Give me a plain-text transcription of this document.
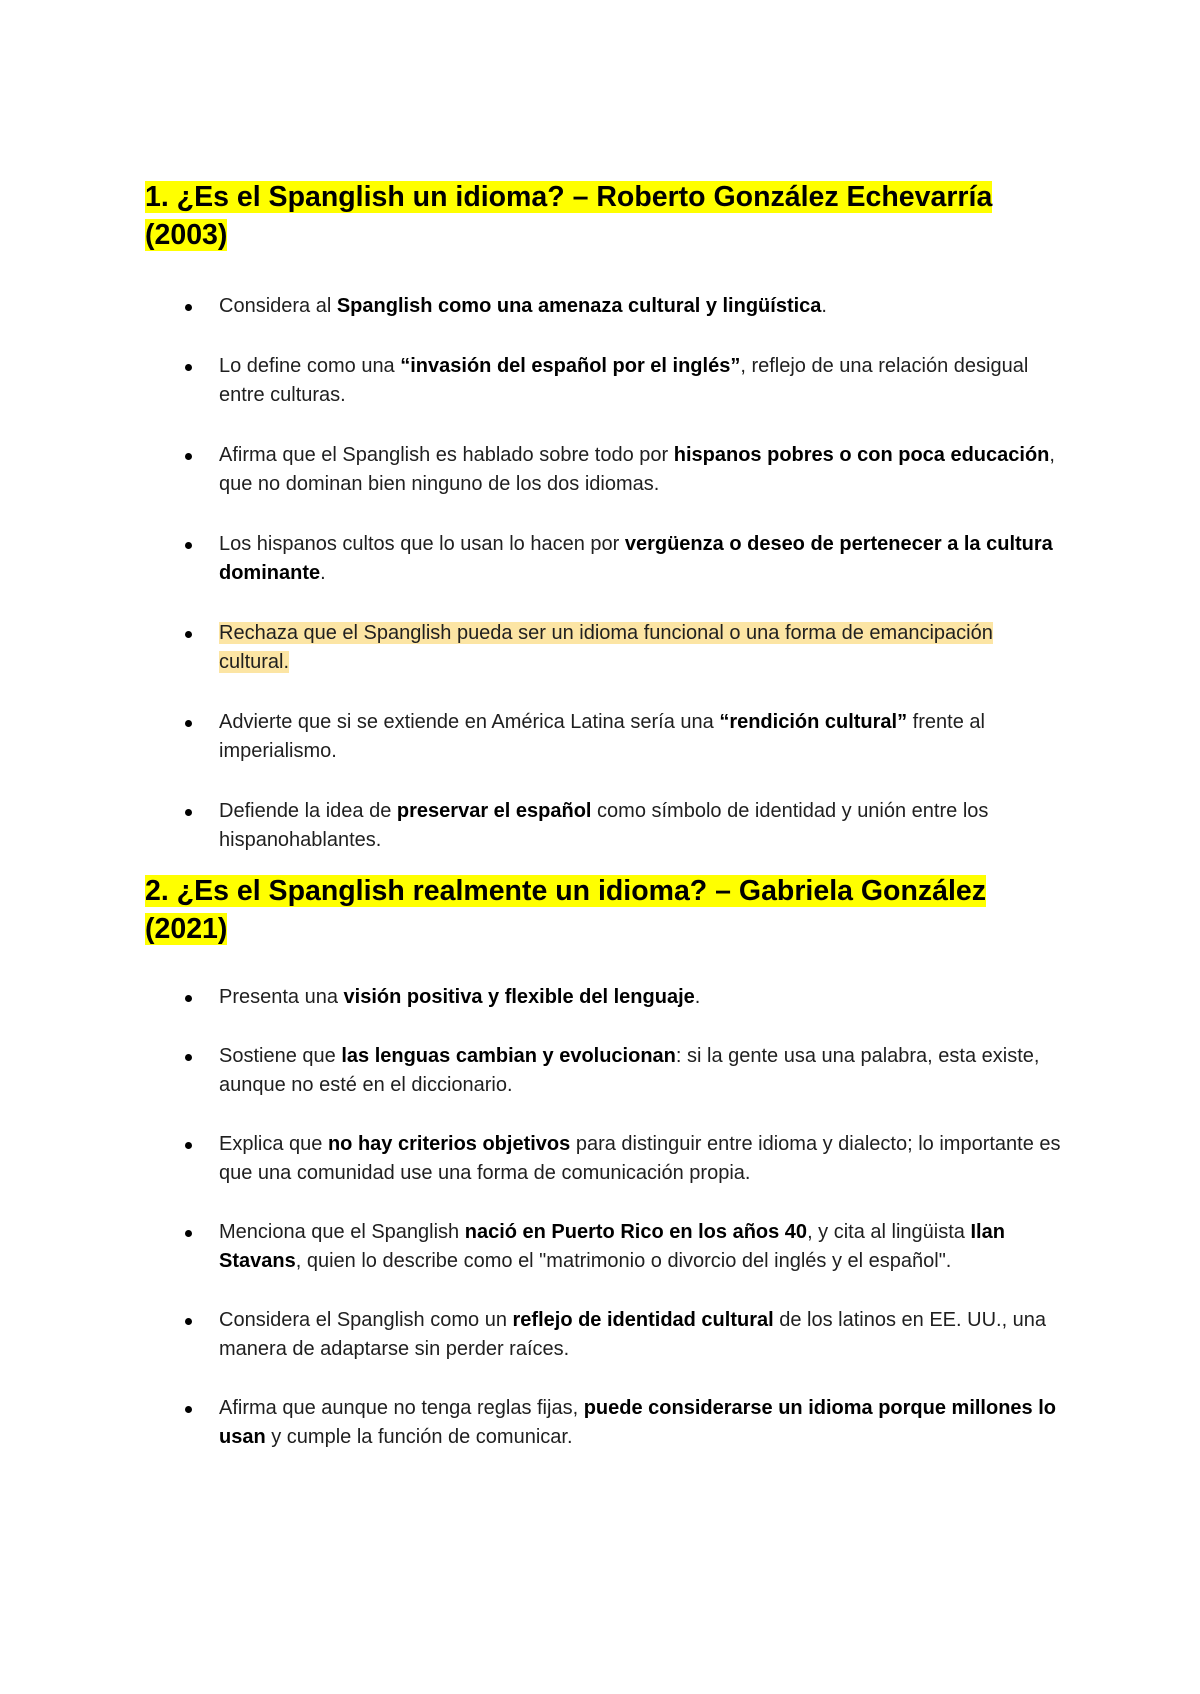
1. ¿Es el Spanglish un idioma? – Roberto González Echevarría
(2003)
Considera al Spanglish como una amenaza cultural y lingüística.
Lo define como una “invasión del español por el inglés”, reflejo de una relación desigual entre culturas.
Afirma que el Spanglish es hablado sobre todo por hispanos pobres o con poca educación, que no dominan bien ninguno de los dos idiomas.
Los hispanos cultos que lo usan lo hacen por vergüenza o deseo de pertenecer a la cultura dominante.
Rechaza que el Spanglish pueda ser un idioma funcional o una forma de emancipación cultural.
Advierte que si se extiende en América Latina sería una “rendición cultural” frente al imperialismo.
Defiende la idea de preservar el español como símbolo de identidad y unión entre los hispanohablantes.
2. ¿Es el Spanglish realmente un idioma? – Gabriela González
(2021)
Presenta una visión positiva y flexible del lenguaje.
Sostiene que las lenguas cambian y evolucionan: si la gente usa una palabra, esta existe, aunque no esté en el diccionario.
Explica que no hay criterios objetivos para distinguir entre idioma y dialecto; lo importante es que una comunidad use una forma de comunicación propia.
Menciona que el Spanglish nació en Puerto Rico en los años 40, y cita al lingüista Ilan Stavans, quien lo describe como el "matrimonio o divorcio del inglés y el español".
Considera el Spanglish como un reflejo de identidad cultural de los latinos en EE. UU., una manera de adaptarse sin perder raíces.
Afirma que aunque no tenga reglas fijas, puede considerarse un idioma porque millones lo usan y cumple la función de comunicar.
